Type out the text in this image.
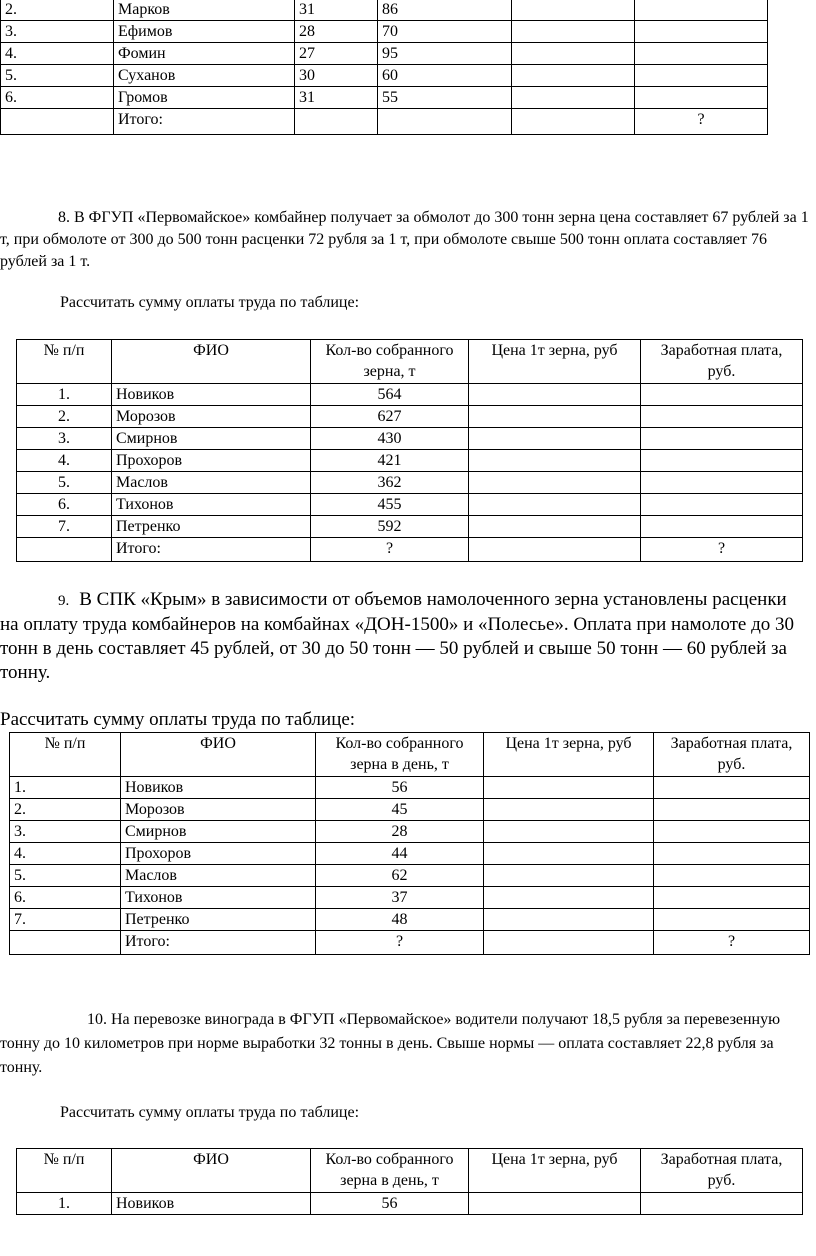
2.	Марков	31	86		
3.	Ефимов	28	70		
4.	Фомин	27	95		
5.	Суханов	30	60		
6.	Громов	31	55		
	Итого:				?

8. В ФГУП «Первомайское» комбайнер получает за обмолот до 300 тонн зерна цена составляет 67 рублей за 1 т, при обмолоте от 300 до 500 тонн расценки 72 рубля за 1 т, при обмолоте свыше 500 тонн оплата составляет 76 рублей за 1 т.

Рассчитать сумму оплаты труда по таблице:

№ п/п	ФИО	Кол-во собранного зерна, т	Цена 1т зерна, руб	Заработная плата, руб.
1.	Новиков	564		
2.	Морозов	627		
3.	Смирнов	430		
4.	Прохоров	421		
5.	Маслов	362		
6.	Тихонов	455		
7.	Петренко	592		
	Итого:	?		?
9. В СПК «Крым» в зависимости от объемов намолоченного зерна установлены расценки на оплату труда комбайнеров на комбайнах «ДОН-1500» и «Полесье». Оплата при намолоте до 30 тонн в день составляет 45 рублей, от 30 до 50 тонн — 50 рублей и свыше 50 тонн — 60 рублей за тонну.

Рассчитать сумму оплаты труда по таблице:

№ п/п	ФИО	Кол-во собранного зерна в день, т	Цена 1т зерна, руб	Заработная плата, руб.
1.	Новиков	56		
2.	Морозов	45		
3.	Смирнов	28		
4.	Прохоров	44		
5.	Маслов	62		
6.	Тихонов	37		
7.	Петренко	48		
	Итого:	?		?

10. На перевозке винограда в ФГУП «Первомайское» водители получают 18,5 рубля за перевезенную тонну до 10 километров при норме выработки 32 тонны в день. Свыше нормы — оплата составляет 22,8 рубля за тонну.

Рассчитать сумму оплаты труда по таблице:

№ п/п	ФИО	Кол-во собранного зерна в день, т	Цена 1т зерна, руб	Заработная плата, руб.
1.	Новиков	56		
